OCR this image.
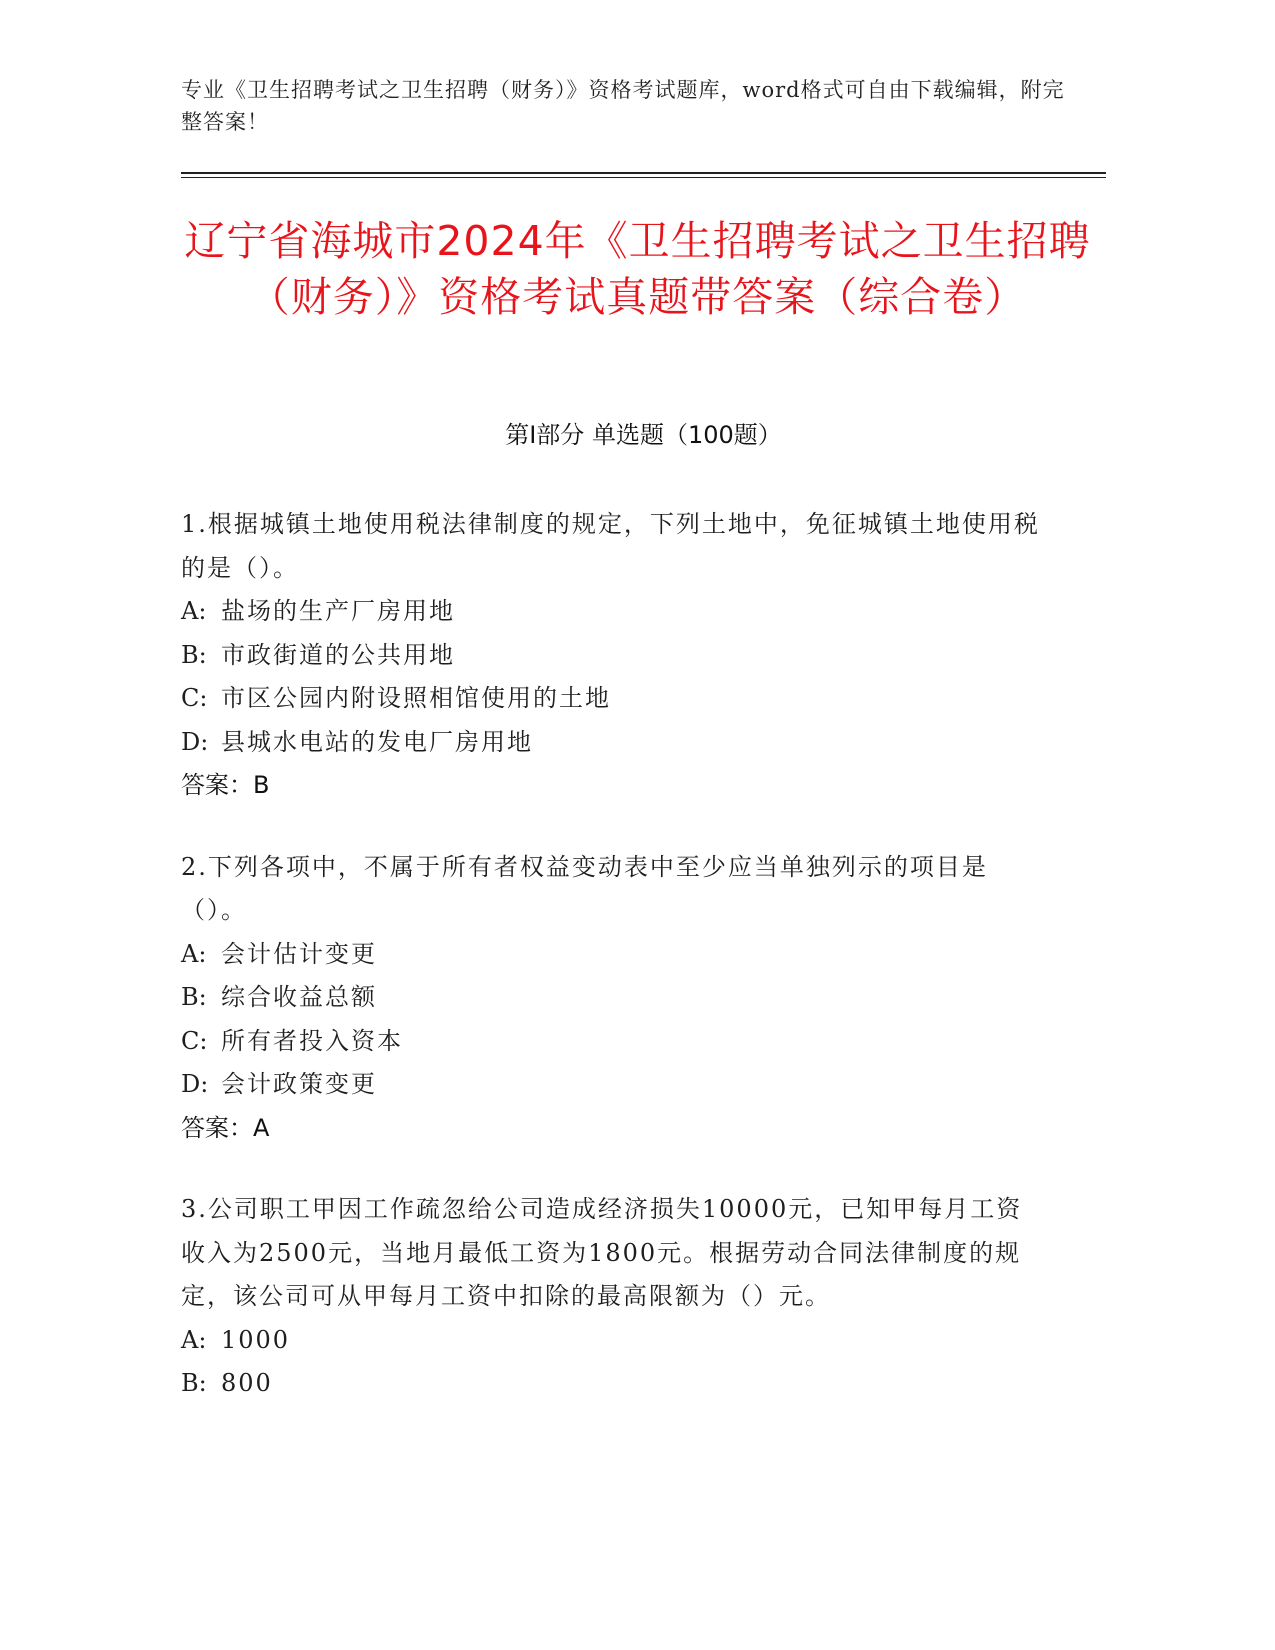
专业《卫生招聘考试之卫生招聘（财务）》资格考试题库，word格式可自由下载编辑，附完整答案！
辽宁省海城市2024年《卫生招聘考试之卫生招聘（财务）》资格考试真题带答案（综合卷）
第I部分 单选题（100题）
1.根据城镇土地使用税法律制度的规定，下列土地中，免征城镇土地使用税的是（）。
A: 盐场的生产厂房用地
B: 市政街道的公共用地
C: 市区公园内附设照相馆使用的土地
D: 县城水电站的发电厂房用地
答案：B
2.下列各项中，不属于所有者权益变动表中至少应当单独列示的项目是（）。
A: 会计估计变更
B: 综合收益总额
C: 所有者投入资本
D: 会计政策变更
答案：A
3.公司职工甲因工作疏忽给公司造成经济损失10000元，已知甲每月工资收入为2500元，当地月最低工资为1800元。根据劳动合同法律制度的规定，该公司可从甲每月工资中扣除的最高限额为（）元。
A: 1000
B: 800
